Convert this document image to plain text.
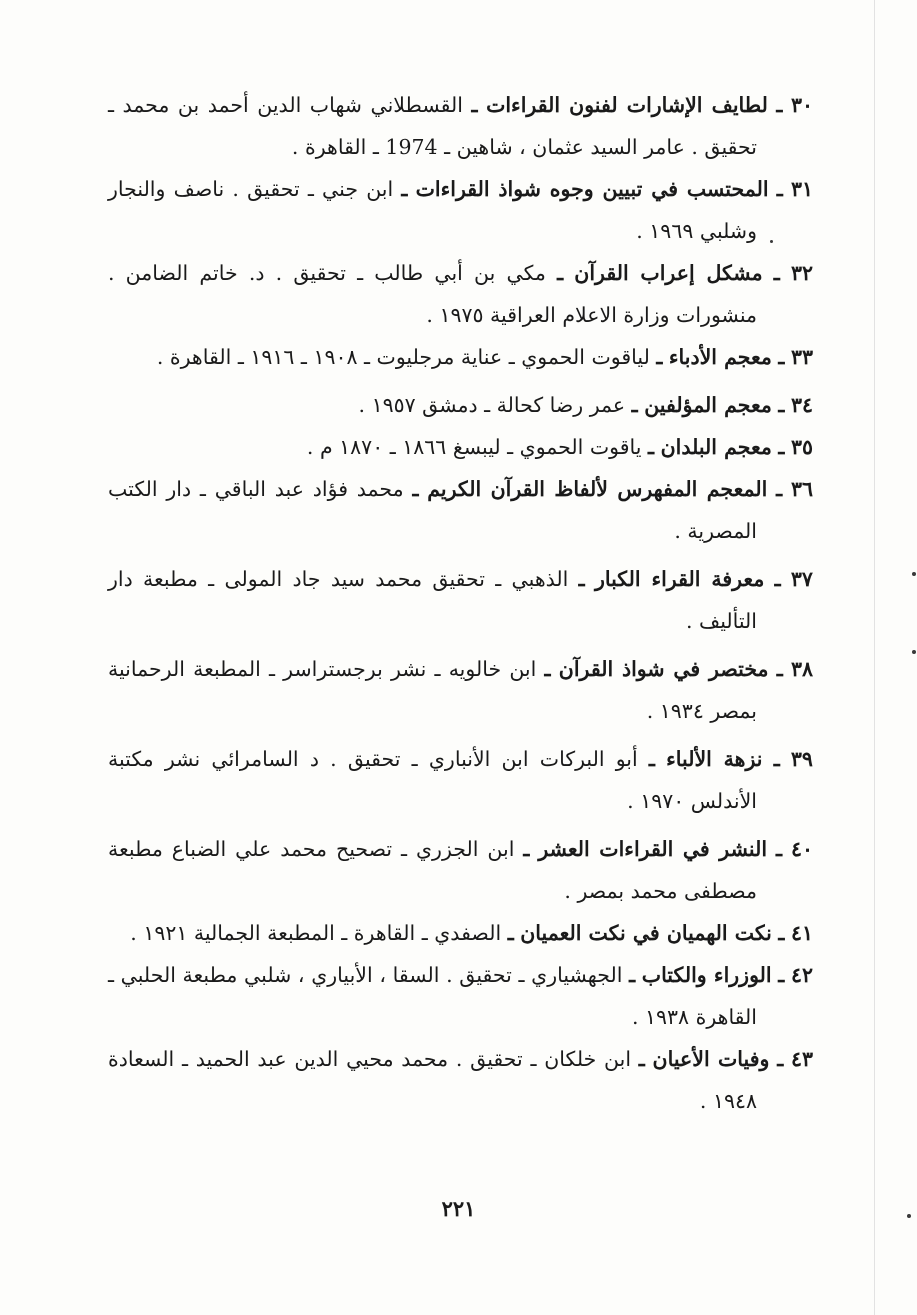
٣٠ ـ لطايف الإشارات لفنون القراءات ـ القسطلاني شهاب الدين أحمد بن محمد ـ تحقيق . عامر السيد عثمان ، شاهين ـ 1974 ـ القاهرة .
٣١ ـ المحتسب في تبيين وجوه شواذ القراءات ـ ابن جني ـ تحقيق . ناصف والنجار وشلبي ١٩٦٩ .
٣٢ ـ مشكل إعراب القرآن ـ مكي بن أبي طالب ـ تحقيق . د. خاتم الضامن . منشورات وزارة الاعلام العراقية ١٩٧٥ .
٣٣ ـ معجم الأدباء ـ لياقوت الحموي ـ عناية مرجليوت ـ ١٩٠٨ ـ ١٩١٦ ـ القاهرة .
٣٤ ـ معجم المؤلفين ـ عمر رضا كحالة ـ دمشق ١٩٥٧ .
٣٥ ـ معجم البلدان ـ ياقوت الحموي ـ ليبسغ ١٨٦٦ ـ ١٨٧٠ م .
٣٦ ـ المعجم المفهرس لألفاظ القرآن الكريم ـ محمد فؤاد عبد الباقي ـ دار الكتب المصرية .
٣٧ ـ معرفة القراء الكبار ـ الذهبي ـ تحقيق محمد سيد جاد المولى ـ مطبعة دار التأليف .
٣٨ ـ مختصر في شواذ القرآن ـ ابن خالويه ـ نشر برجستراسر ـ المطبعة الرحمانية بمصر ١٩٣٤ .
٣٩ ـ نزهة الألباء ـ أبو البركات ابن الأنباري ـ تحقيق . د السامرائي نشر مكتبة الأندلس ١٩٧٠ .
٤٠ ـ النشر في القراءات العشر ـ ابن الجزري ـ تصحيح محمد علي الضباع مطبعة مصطفى محمد بمصر .
٤١ ـ نكت الهميان في نكت العميان ـ الصفدي ـ القاهرة ـ المطبعة الجمالية ١٩٢١ .
٤٢ ـ الوزراء والكتاب ـ الجهشياري ـ تحقيق . السقا ، الأبياري ، شلبي مطبعة الحلبي ـ القاهرة ١٩٣٨ .
٤٣ ـ وفيات الأعيان ـ ابن خلكان ـ تحقيق . محمد محيي الدين عبد الحميد ـ السعادة ١٩٤٨ .
٢٢١
